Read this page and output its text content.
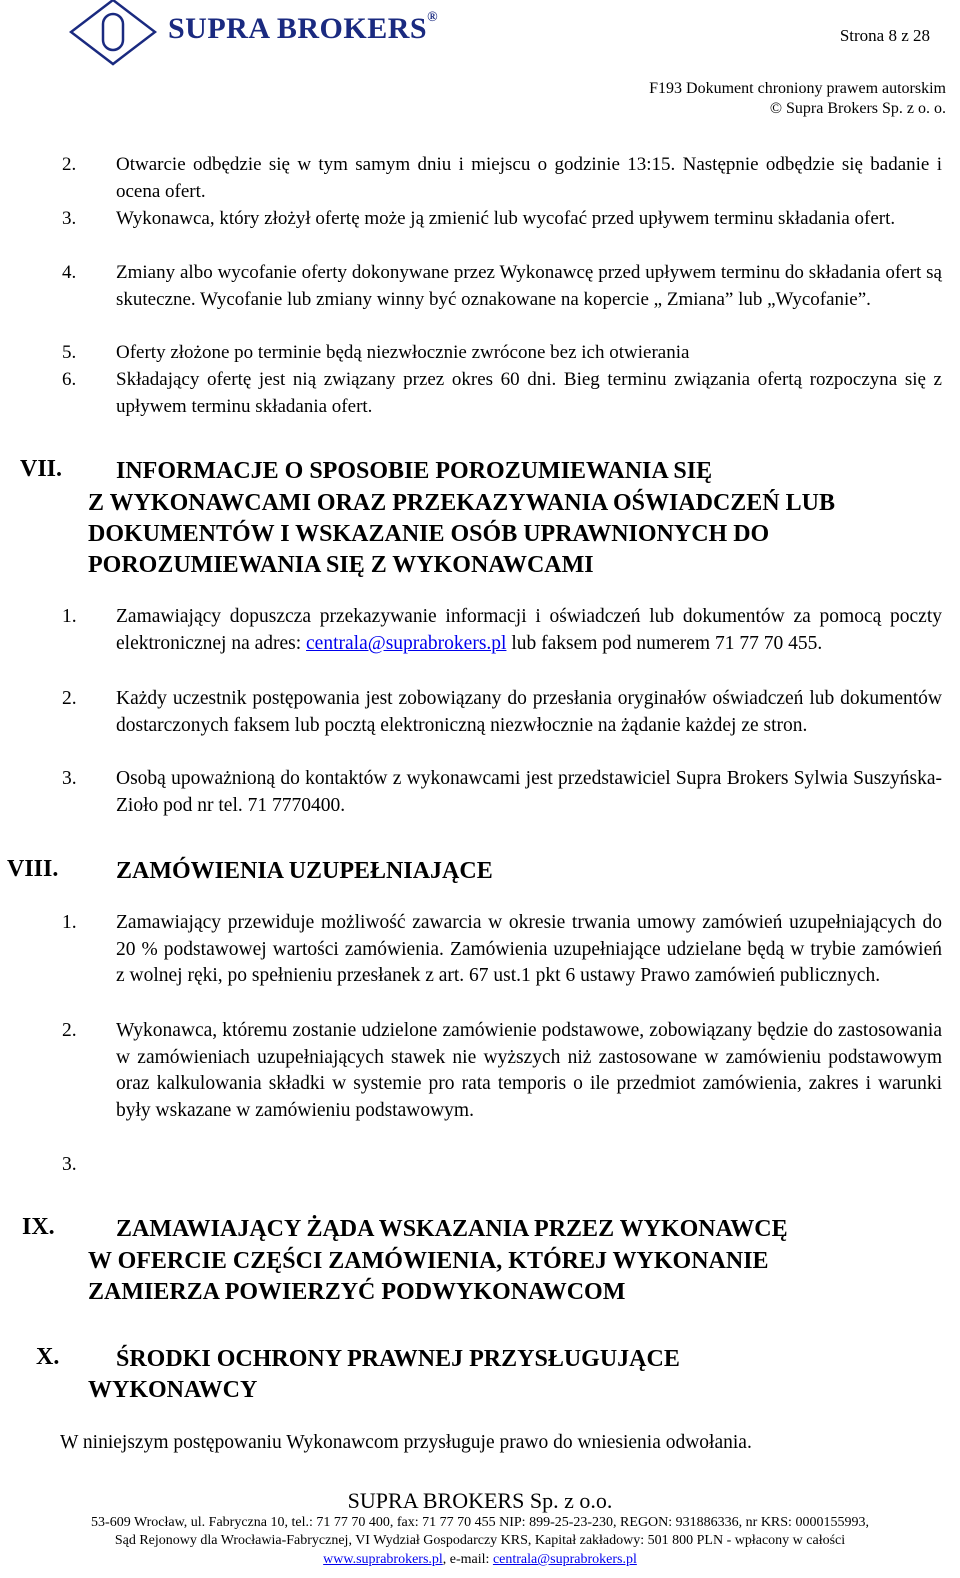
SUPRA BROKERS®
Strona 8 z 28
F193 Dokument chroniony prawem autorskim
© Supra Brokers Sp. z o. o.
2. Otwarcie odbędzie się w tym samym dniu i miejscu o godzinie 13:15. Następnie odbędzie się badanie i ocena ofert.
3. Wykonawca, który złożył ofertę może ją zmienić lub wycofać przed upływem terminu składania ofert.
4. Zmiany albo wycofanie oferty dokonywane przez Wykonawcę przed upływem terminu do składania ofert są skuteczne. Wycofanie lub zmiany winny być oznakowane na kopercie „ Zmiana” lub „Wycofanie”.
5. Oferty złożone po terminie będą niezwłocznie zwrócone bez ich otwierania
6. Składający ofertę jest nią związany przez okres 60 dni. Bieg terminu związania ofertą rozpoczyna się z upływem terminu składania ofert.
VII. INFORMACJE O SPOSOBIE POROZUMIEWANIA SIĘ
Z WYKONAWCAMI ORAZ PRZEKAZYWANIA OŚWIADCZEŃ LUB DOKUMENTÓW I WSKAZANIE OSÓB UPRAWNIONYCH DO POROZUMIEWANIA SIĘ Z WYKONAWCAMI
1. Zamawiający dopuszcza przekazywanie informacji i oświadczeń lub dokumentów za pomocą poczty elektronicznej na adres: centrala@suprabrokers.pl lub faksem pod numerem 71 77 70 455.
2. Każdy uczestnik postępowania jest zobowiązany do przesłania oryginałów oświadczeń lub dokumentów dostarczonych faksem lub pocztą elektroniczną niezwłocznie na żądanie każdej ze stron.
3. Osobą upoważnioną do kontaktów z wykonawcami jest przedstawiciel Supra Brokers Sylwia Suszyńska-Zioło pod nr tel. 71 7770400.
VIII. ZAMÓWIENIA UZUPEŁNIAJĄCE
1. Zamawiający przewiduje możliwość zawarcia w okresie trwania umowy zamówień uzupełniających do 20 % podstawowej wartości zamówienia. Zamówienia uzupełniające udzielane będą w trybie zamówień z wolnej ręki, po spełnieniu przesłanek z art. 67 ust.1 pkt 6 ustawy Prawo zamówień publicznych.
2. Wykonawca, któremu zostanie udzielone zamówienie podstawowe, zobowiązany będzie do zastosowania w zamówieniach uzupełniających stawek nie wyższych niż zastosowane w zamówieniu podstawowym oraz kalkulowania składki w systemie pro rata temporis o ile przedmiot zamówienia, zakres i warunki były wskazane w zamówieniu podstawowym.
3.
IX.	ZAMAWIAJĄCY ŻĄDA WSKAZANIA PRZEZ WYKONAWCĘ
W OFERCIE CZĘŚCI ZAMÓWIENIA, KTÓREJ WYKONANIE
ZAMIERZA POWIERZYĆ PODWYKONAWCOM
X. ŚRODKI OCHRONY PRAWNEJ PRZYSŁUGUJĄCE
WYKONAWCY
W niniejszym postępowaniu Wykonawcom przysługuje prawo do wniesienia odwołania.
SUPRA BROKERS Sp. z o.o.
53-609 Wrocław, ul. Fabryczna 10, tel.: 71 77 70 400, fax: 71 77 70 455 NIP: 899-25-23-230, REGON: 931886336, nr KRS: 0000155993,
Sąd Rejonowy dla Wrocławia-Fabrycznej, VI Wydział Gospodarczy KRS, Kapitał zakładowy: 501 800 PLN - wpłacony w całości
www.suprabrokers.pl, e-mail: centrala@suprabrokers.pl
